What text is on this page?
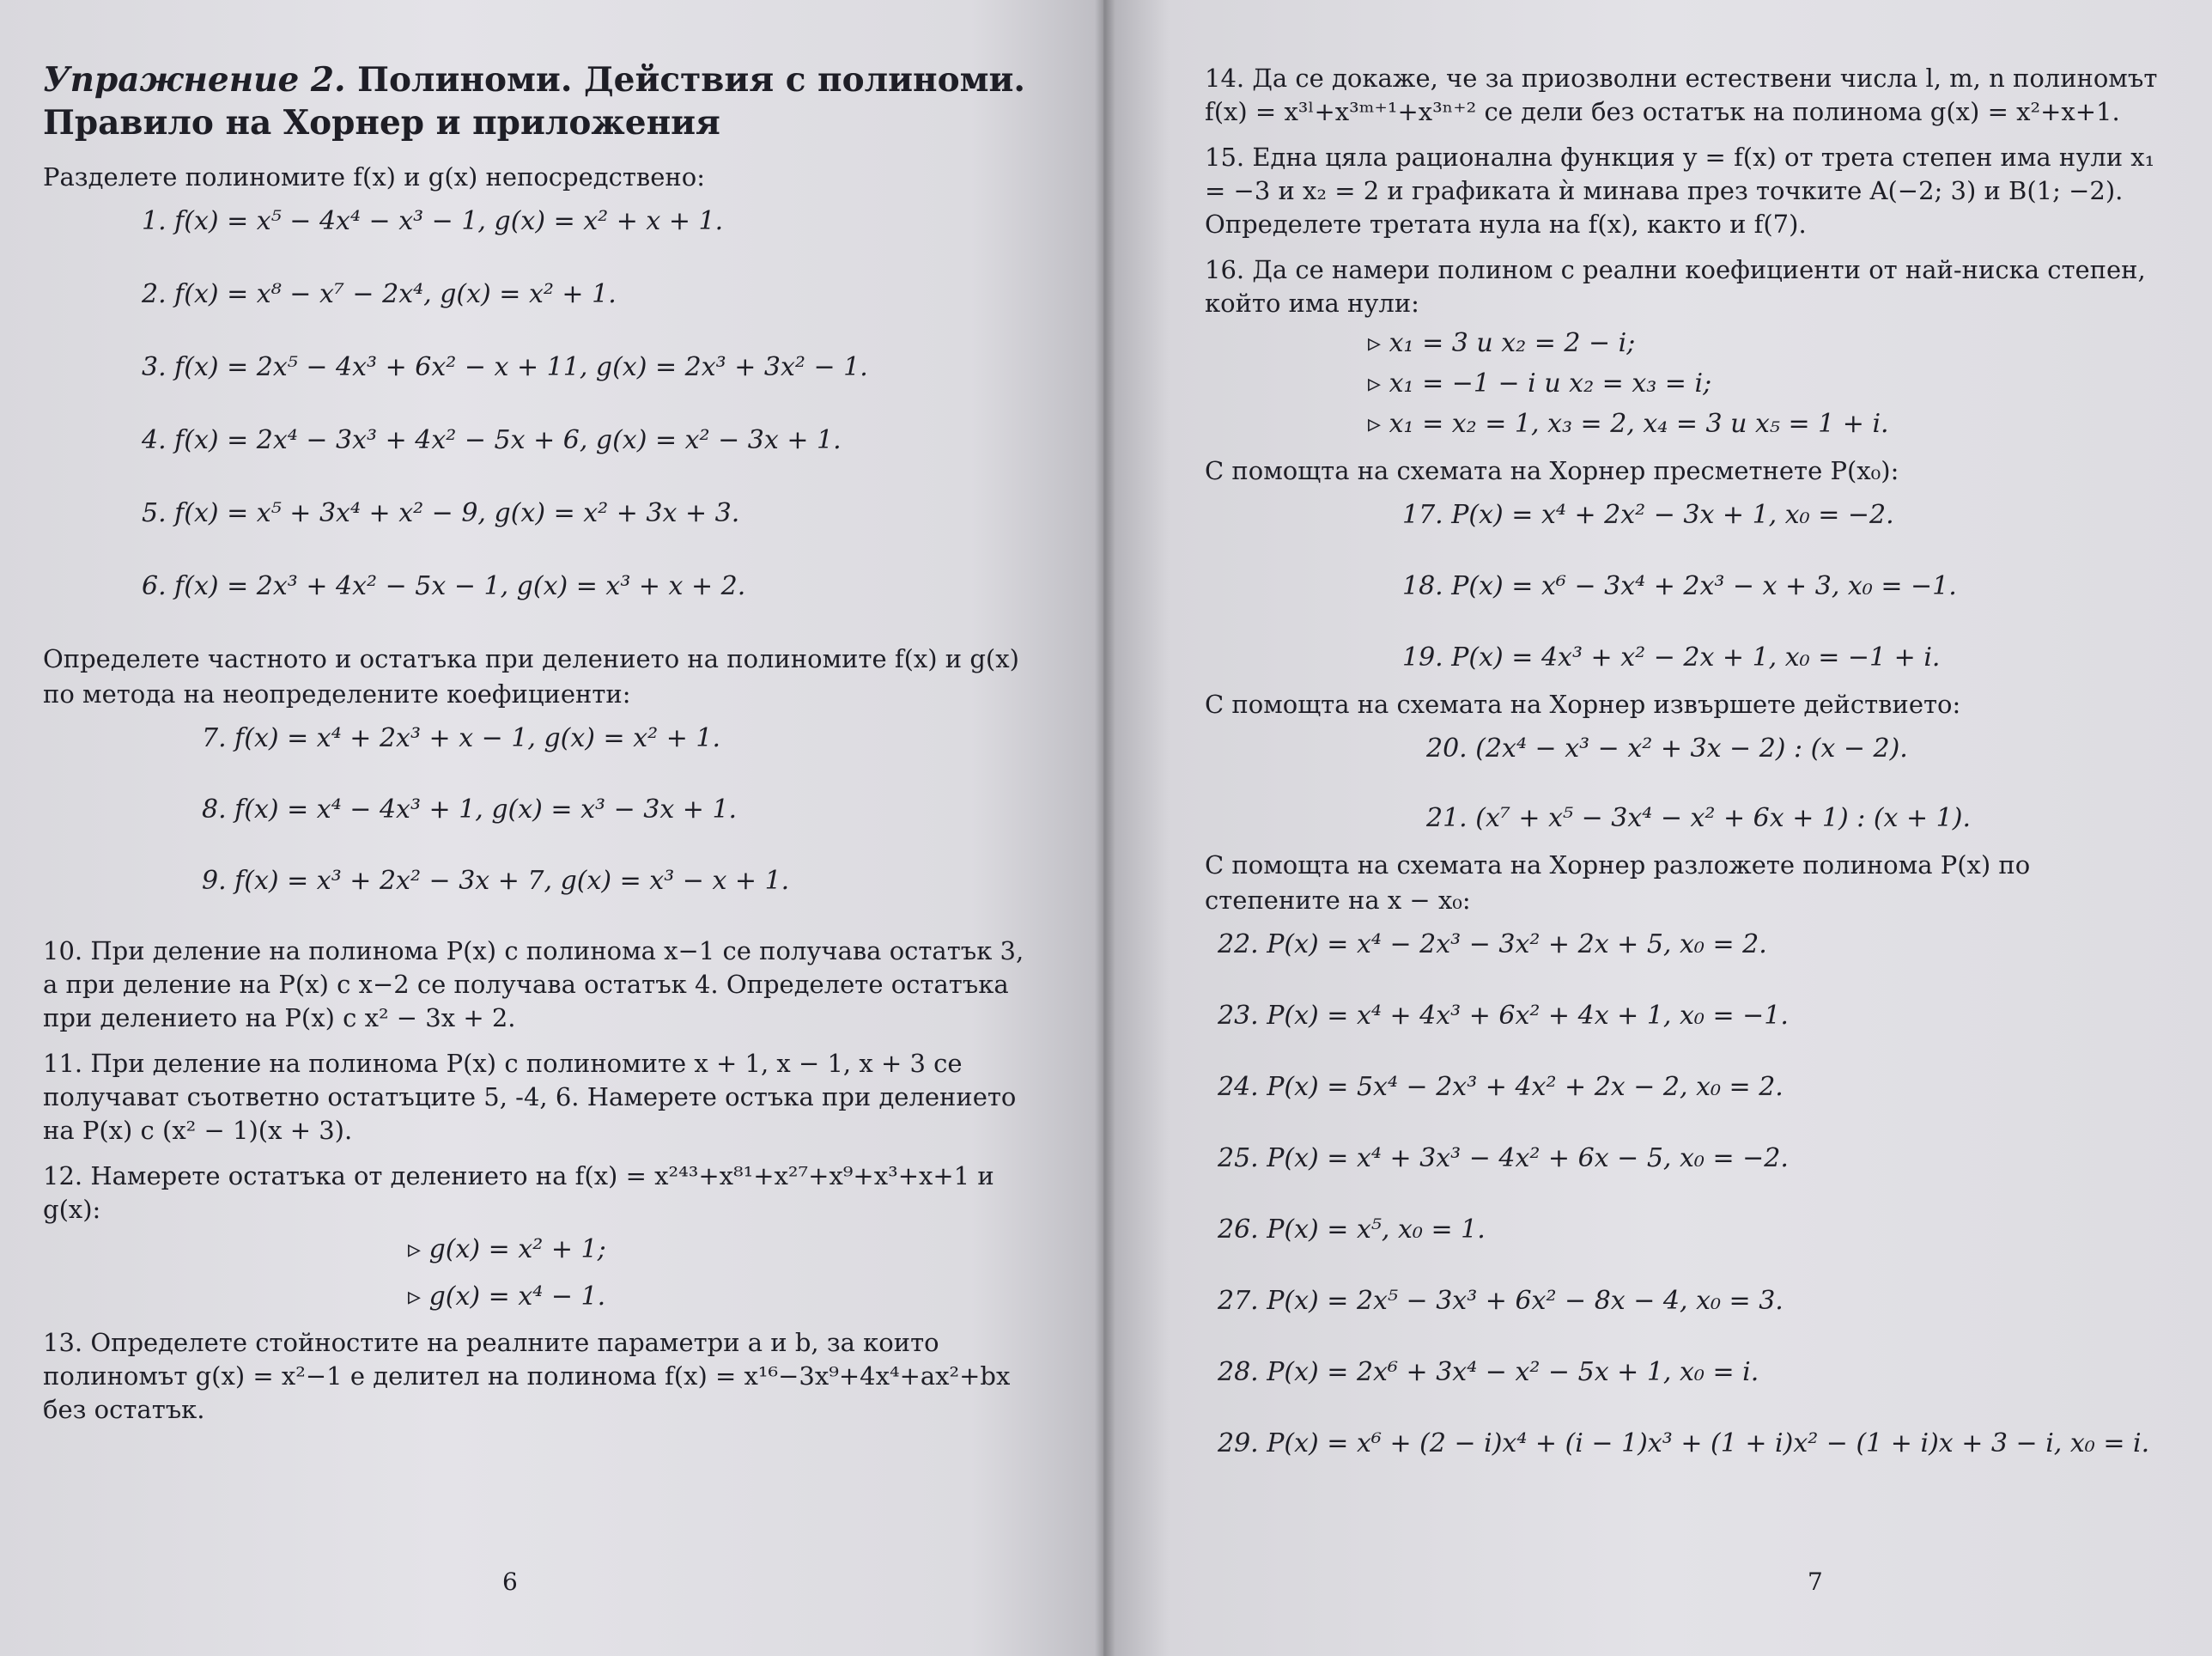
Упражнение 2. Полиноми. Действия с полиноми.
Правило на Хорнер и приложения
Разделете полиномите f(x) и g(x) непосредствено:
1. f(x) = x⁵ − 4x⁴ − x³ − 1, g(x) = x² + x + 1.
2. f(x) = x⁸ − x⁷ − 2x⁴, g(x) = x² + 1.
3. f(x) = 2x⁵ − 4x³ + 6x² − x + 11, g(x) = 2x³ + 3x² − 1.
4. f(x) = 2x⁴ − 3x³ + 4x² − 5x + 6, g(x) = x² − 3x + 1.
5. f(x) = x⁵ + 3x⁴ + x² − 9, g(x) = x² + 3x + 3.
6. f(x) = 2x³ + 4x² − 5x − 1, g(x) = x³ + x + 2.
Определете частното и остатъка при делението на полиномите f(x) и g(x) по метода на неопределените коефициенти:
7. f(x) = x⁴ + 2x³ + x − 1, g(x) = x² + 1.
8. f(x) = x⁴ − 4x³ + 1, g(x) = x³ − 3x + 1.
9. f(x) = x³ + 2x² − 3x + 7, g(x) = x³ − x + 1.
10. При деление на полинома P(x) с полинома x−1 се получава остатък 3, а при деление на P(x) с x−2 се получава остатък 4. Определете остатъка при делението на P(x) с x² − 3x + 2.
11. При деление на полинома P(x) с полиномите x + 1, x − 1, x + 3 се получават съответно остатъците 5, -4, 6. Намерете остъка при делението на P(x) с (x² − 1)(x + 3).
12. Намерете остатъка от делението на f(x) = x²⁴³+x⁸¹+x²⁷+x⁹+x³+x+1 и g(x):
▹ g(x) = x² + 1;
▹ g(x) = x⁴ − 1.
13. Определете стойностите на реалните параметри a и b, за които полиномът g(x) = x²−1 е делител на полинома f(x) = x¹⁶−3x⁹+4x⁴+ax²+bx без остатък.
6
14. Да се докаже, че за приозволни естествени числа l, m, n полиномът f(x) = x³ˡ+x³ᵐ⁺¹+x³ⁿ⁺² се дели без остатък на полинома g(x) = x²+x+1.
15. Една цяла рационална функция y = f(x) от трета степен има нули x₁ = −3 и x₂ = 2 и графиката ѝ минава през точките A(−2; 3) и B(1; −2). Определете третата нула на f(x), както и f(7).
16. Да се намери полином с реални коефициенти от най-ниска степен, който има нули:
▹ x₁ = 3 и x₂ = 2 − i;
▹ x₁ = −1 − i и x₂ = x₃ = i;
▹ x₁ = x₂ = 1, x₃ = 2, x₄ = 3 и x₅ = 1 + i.
С помощта на схемата на Хорнер пресметнете P(x₀):
17. P(x) = x⁴ + 2x² − 3x + 1, x₀ = −2.
18. P(x) = x⁶ − 3x⁴ + 2x³ − x + 3, x₀ = −1.
19. P(x) = 4x³ + x² − 2x + 1, x₀ = −1 + i.
С помощта на схемата на Хорнер извършете действието:
20. (2x⁴ − x³ − x² + 3x − 2) : (x − 2).
21. (x⁷ + x⁵ − 3x⁴ − x² + 6x + 1) : (x + 1).
С помощта на схемата на Хорнер разложете полинома P(x) по степените на x − x₀:
22. P(x) = x⁴ − 2x³ − 3x² + 2x + 5, x₀ = 2.
23. P(x) = x⁴ + 4x³ + 6x² + 4x + 1, x₀ = −1.
24. P(x) = 5x⁴ − 2x³ + 4x² + 2x − 2, x₀ = 2.
25. P(x) = x⁴ + 3x³ − 4x² + 6x − 5, x₀ = −2.
26. P(x) = x⁵, x₀ = 1.
27. P(x) = 2x⁵ − 3x³ + 6x² − 8x − 4, x₀ = 3.
28. P(x) = 2x⁶ + 3x⁴ − x² − 5x + 1, x₀ = i.
29. P(x) = x⁶ + (2 − i)x⁴ + (i − 1)x³ + (1 + i)x² − (1 + i)x + 3 − i, x₀ = i.
7
